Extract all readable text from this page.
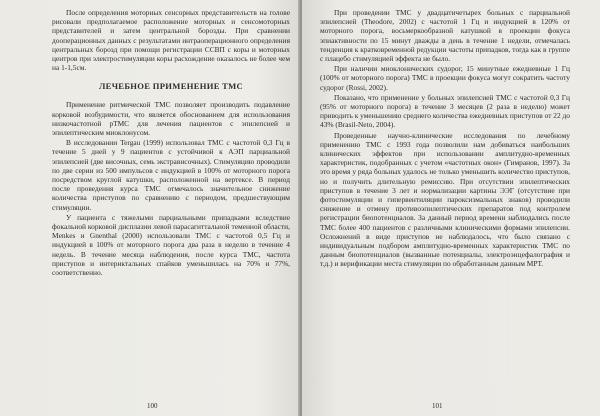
После определения моторных сенсорных представительств на голове рисовали предполагаемое расположение моторных и сенсомоторных представителей и затем центральной борозды. При сравнении дооперационных данных с результатами интраоперационного определения центральных борозд при помощи регистрации ССВП с коры и моторных центров при электростимуляции коры расхождение оказалось не более чем на 1-1,5см.

ЛЕЧЕБНОЕ ПРИМЕНЕНИЕ ТМС

Применение ритмической ТМС позволяет производить подавление корковой возбудимости, что является обоснованием для использования низкочастотной рТМС для лечения пациентов с эпилепсией и эпилептическим миоклонусом.

В исследовании Tergau (1999) использовал ТМС с частотой 0,3 Гц в течение 5 дней у 9 пациентов с устойчивой к АЭП парциальной эпилепсией (две височных, семь экстрависочных). Стимуляцию проводили по две серии из 500 импульсов с индукцией в 100% от моторного порога посредством круглой катушки, расположенной на вертексе. В период после проведения курса ТМС отмечалось значительное снижение количества приступов по сравнению с периодом, предшествующим стимуляции.

У пациента с тяжелыми парциальными припадками вследствие фокальной корковой дисплазии левой парасагиттальной теменной области, Menkes и Gnenthal (2000) использовали ТМС с частотой 0,5 Гц и индукцией в 100% от моторного порога два раза в неделю в течение 4 недель. В течение месяца наблюдения, после курса ТМС, частота приступов и интериктальных спайков уменьшилась на 70% и 77%, соответственно.

100

При проведении ТМС у двадцатичетырех больных с парциальной эпилепсией (Theodore, 2002) с частотой 1 Гц и индукцией в 120% от моторного порога, восьмеркообразной катушкой в проекции фокуса эпиактивности по 15 минут дважды в день в течение 1 недели, отмечалась тенденция к кратковременной редукции частоты припадков, тогда как в группе с плацебо стимуляцией эффекта не было.

При наличии миоклонических судорог, 15 минутные ежедневные 1 Гц (100% от моторного порога) ТМС в проекции фокуса могут сократить частоту судорог (Rossi, 2002).

Показано, что применение у больных эпилепсией ТМС с частотой 0,3 Гц (95% от моторного порога) в течение 3 месяцев (2 раза в неделю) может приводить к уменьшению среднего количества ежедневных приступов от 22 до 43% (Brasil-Neto, 2004).

Проведенные научно-клинические исследования по лечебному применению ТМС с 1993 года позволили нам добиваться наибольших клинических эффектов при использовании амплитудно-временных характеристик, подобранных с учетом «частотных окон» (Гимранов, 1997). За это время у ряда больных удалось не только уменьшить количество приступов, но и получить длительную ремиссию. При отсутствии эпилептических приступов в течение 3 лет и нормализации картины ЭЭГ (отсутствие при фотостимуляции и гипервентиляции пароксизмальных знаков) проводили снижение и отмену противоэпилептических препаратов под контролем регистрации биопотенциалов. За данный период времени наблюдались после ТМС более 400 пациентов с различными клиническими формами эпилепсии. Осложнений в виде приступов не наблюдалось, что было связано с индивидуальным подбором амплитудно-временных характеристик ТМС по данным биопотенциалов (вызванные потенциалы, электроэнцефалография и т.д.) и верификации места стимуляции по обработанным данным МРТ.

101
